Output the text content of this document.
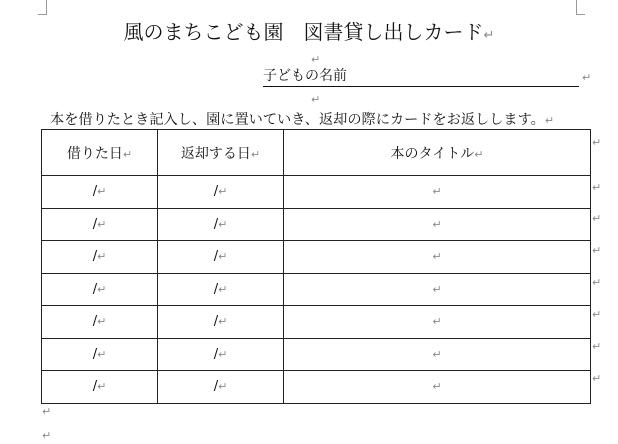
風のまちこども園　図書貸し出しカード↵
↵
子どもの名前	↵
↵
本を借りたとき記入し、園に置いていき、返却の際にカードをお返しします。↵
借りた日↵	返却する日↵	本のタイトル↵
/↵	/↵	↵
/↵	/↵	↵
/↵	/↵	↵
/↵	/↵	↵
/↵	/↵	↵
/↵	/↵	↵
/↵	/↵	↵
↵
↵
↵
↵
↵
↵
↵
↵
↵
↵
